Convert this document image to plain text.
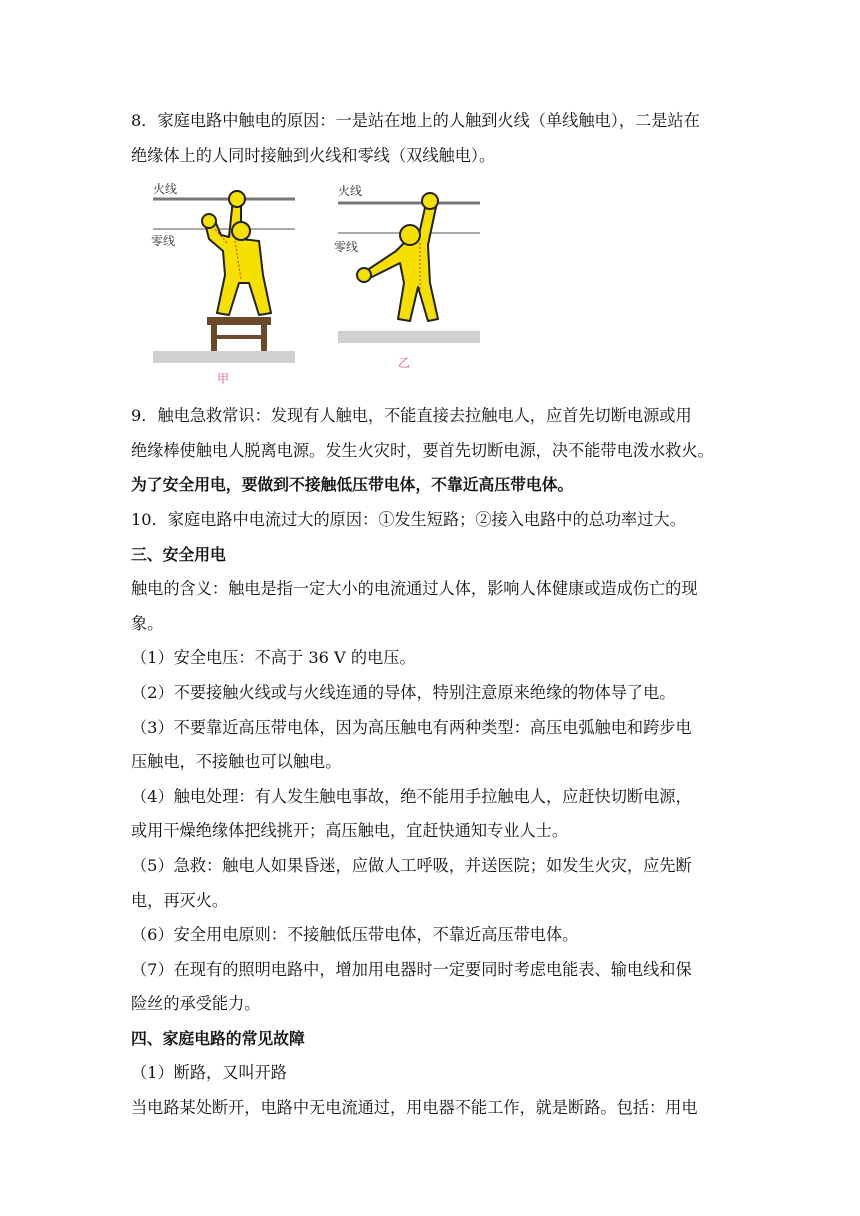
8．家庭电路中触电的原因：一是站在地上的人触到火线（单线触电），二是站在

绝缘体上的人同时接触到火线和零线（双线触电）。

火线
零线
甲
火线
零线
乙

9．触电急救常识：发现有人触电，不能直接去拉触电人，应首先切断电源或用

绝缘棒使触电人脱离电源。发生火灾时，要首先切断电源，决不能带电泼水救火。

为了安全用电，要做到不接触低压带电体，不靠近高压带电体。

10．家庭电路中电流过大的原因：①发生短路；②接入电路中的总功率过大。

三、安全用电

触电的含义：触电是指一定大小的电流通过人体，影响人体健康或造成伤亡的现

象。

（1）安全电压：不高于 36 V 的电压。

（2）不要接触火线或与火线连通的导体，特别注意原来绝缘的物体导了电。

（3）不要靠近高压带电体，因为高压触电有两种类型：高压电弧触电和跨步电

压触电，不接触也可以触电。

（4）触电处理：有人发生触电事故，绝不能用手拉触电人，应赶快切断电源，

或用干燥绝缘体把线挑开；高压触电，宜赶快通知专业人士。

（5）急救：触电人如果昏迷，应做人工呼吸，并送医院；如发生火灾，应先断

电，再灭火。

（6）安全用电原则：不接触低压带电体，不靠近高压带电体。

（7）在现有的照明电路中，增加用电器时一定要同时考虑电能表、输电线和保

险丝的承受能力。

四、家庭电路的常见故障

（1）断路，又叫开路

当电路某处断开，电路中无电流通过，用电器不能工作，就是断路。包括：用电
